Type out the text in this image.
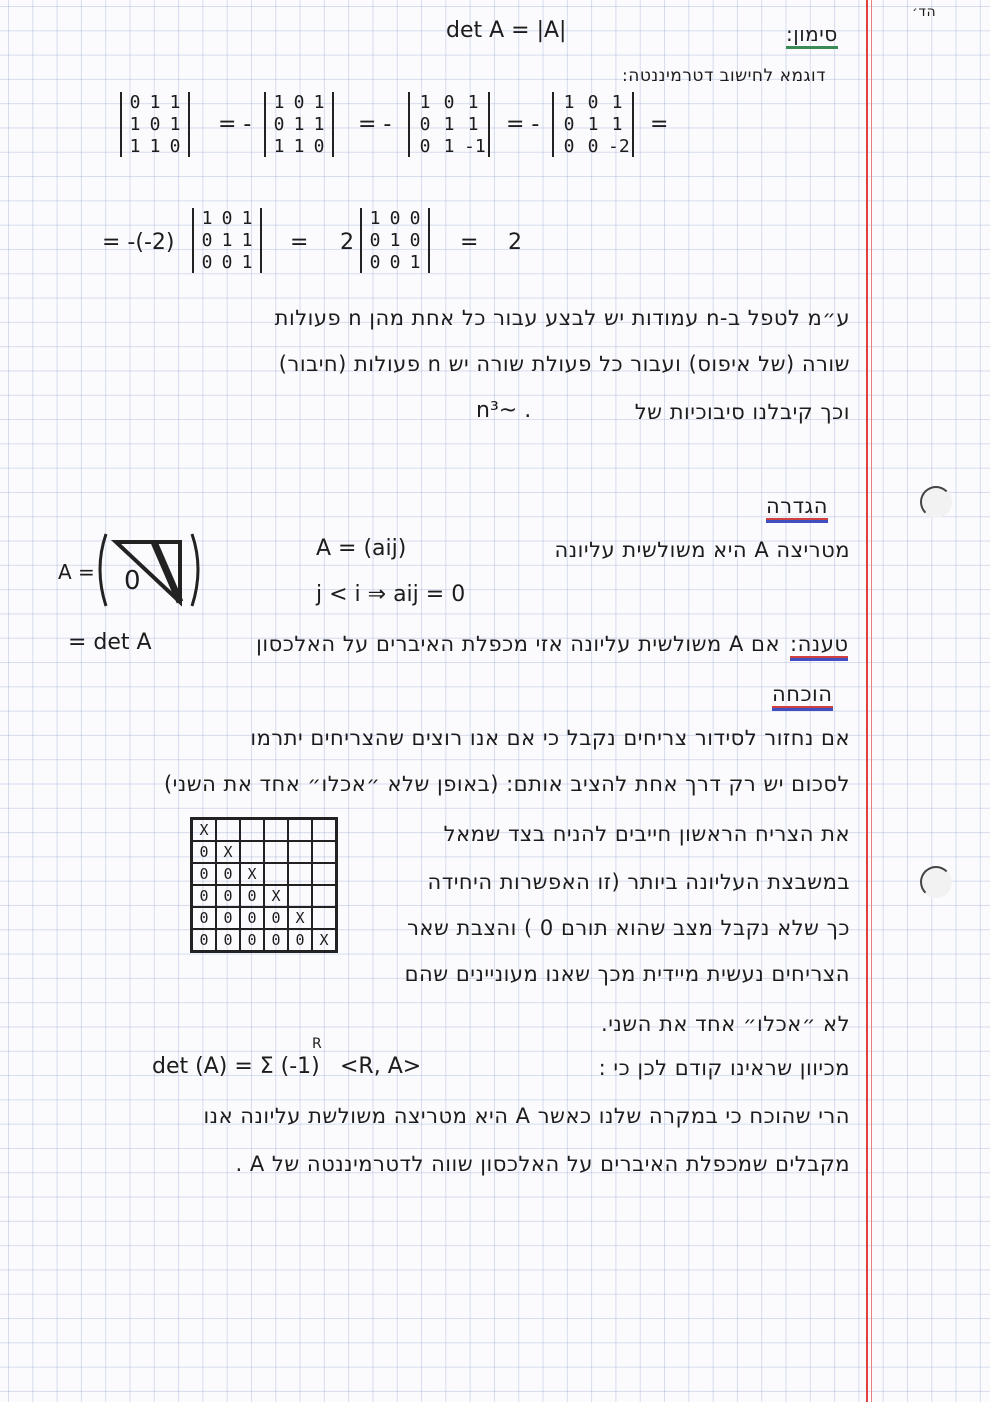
הד׳
סימון:
det A = |A|
דוגמא לחישוב דטרמיננטה:
0 1 1
1 0 1
1 1 0
= -
1 0 1
0 1 1
1 1 0
= -
1 0 1
0 1 1
0 1 -1
= -
1 0 1
0 1 1
0 0 -2
=
= -(-2)
1 0 1
0 1 1
0 0 1
= 2
1 0 0
0 1 0
0 0 1
= 2
ע״מ לטפל ב-n עמודות יש לבצע עבור כל אחת מהן n פעולות
שורה (של איפוס) ועבור כל פעולת שורה יש n פעולות (חיבור)
וכך קיבלנו סיבוכיות של
n³~ .
הגדרה
מטריצה A היא משולשית עליונה
A = (aij)
j < i ⇒ aij = 0
A = 0
טענה:
אם A משולשית עליונה אזי מכפלת האיברים על האלכסון
= det A
הוכחה
אם נחזור לסידור צריחים נקבל כי אם אנו רוצים שהצריחים יתרמו
לסכום יש רק דרך אחת להציב אותם: (באופן שלא ״אכלו״ אחד את השני)
את הצריח הראשון חייבים להניח בצד שמאל
במשבצת העליונה ביותר (זו האפשרות היחידה
כך שלא נקבל מצב שהוא תורם 0 ) והצבת שאר
הצריחים נעשית מיידית מכך שאנו מעוניינים שהם
לא ״אכלו״ אחד את השני.
X
0 X
0 0 X
0 0 0 X
0 0 0 0 X
0 0 0 0 0 X
מכיוון שראינו קודם לכן כי :
det (A) = Σ (-1)
R
<R, A>
הרי שהוכח כי במקרה שלנו כאשר A היא מטריצה משולשת עליונה אנו
מקבלים שמכפלת האיברים על האלכסון שווה לדטרמיננטה של A .
